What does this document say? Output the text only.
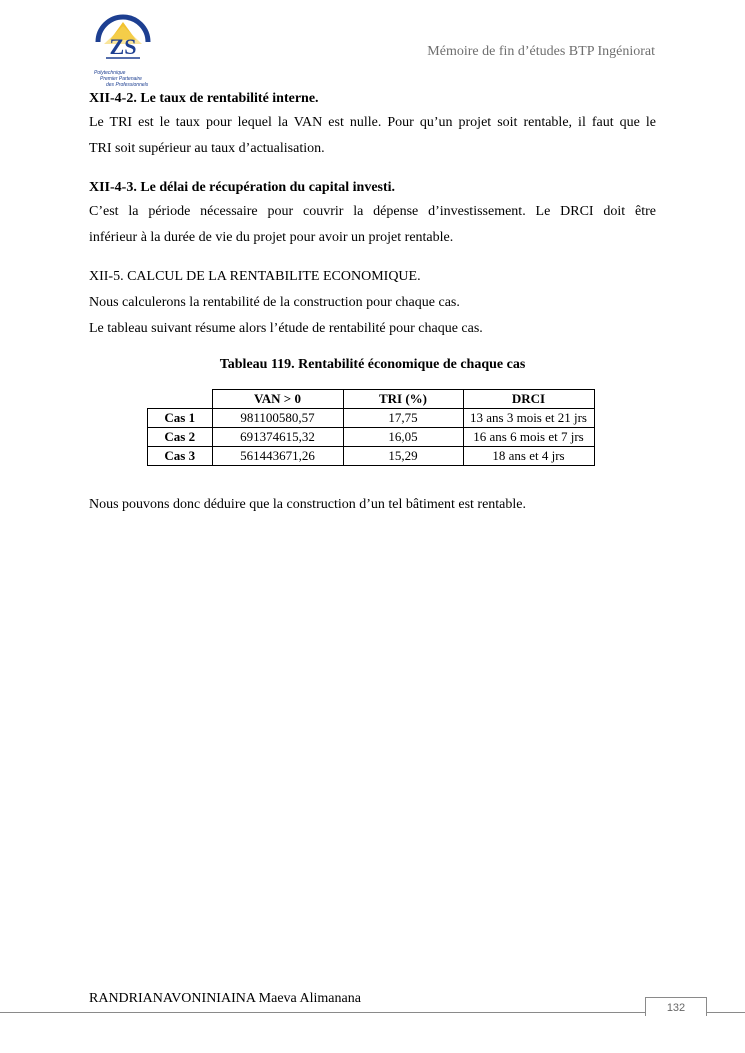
ZS
Polytechnique
Premier Partenaire
des Professionnels
Mémoire de fin d’études BTP Ingéniorat

XII-4-2. Le taux de rentabilité interne.

Le TRI est le taux pour lequel la VAN est nulle. Pour qu’un projet soit rentable, il faut que le

TRI soit supérieur au taux d’actualisation.

XII-4-3. Le délai de récupération du capital investi.

C’est la période nécessaire pour couvrir la dépense d’investissement. Le DRCI doit être

inférieur à la durée de vie du projet pour avoir un projet rentable.

XII-5. CALCUL DE LA RENTABILITE ECONOMIQUE.

Nous calculerons la rentabilité de la construction pour chaque cas.

Le tableau suivant résume alors l’étude de rentabilité pour chaque cas.

Tableau 119. Rentabilité économique de chaque cas
	VAN > 0	TRI (%)	DRCI
Cas 1	981100580,57	17,75	13 ans 3 mois et 21 jrs
Cas 2	691374615,32	16,05	16 ans 6 mois et 7 jrs
Cas 3	561443671,26	15,29	18 ans et 4 jrs
Nous pouvons donc déduire que la construction d’un tel bâtiment est rentable.
RANDRIANAVONINIAINA Maeva Alimanana
132
